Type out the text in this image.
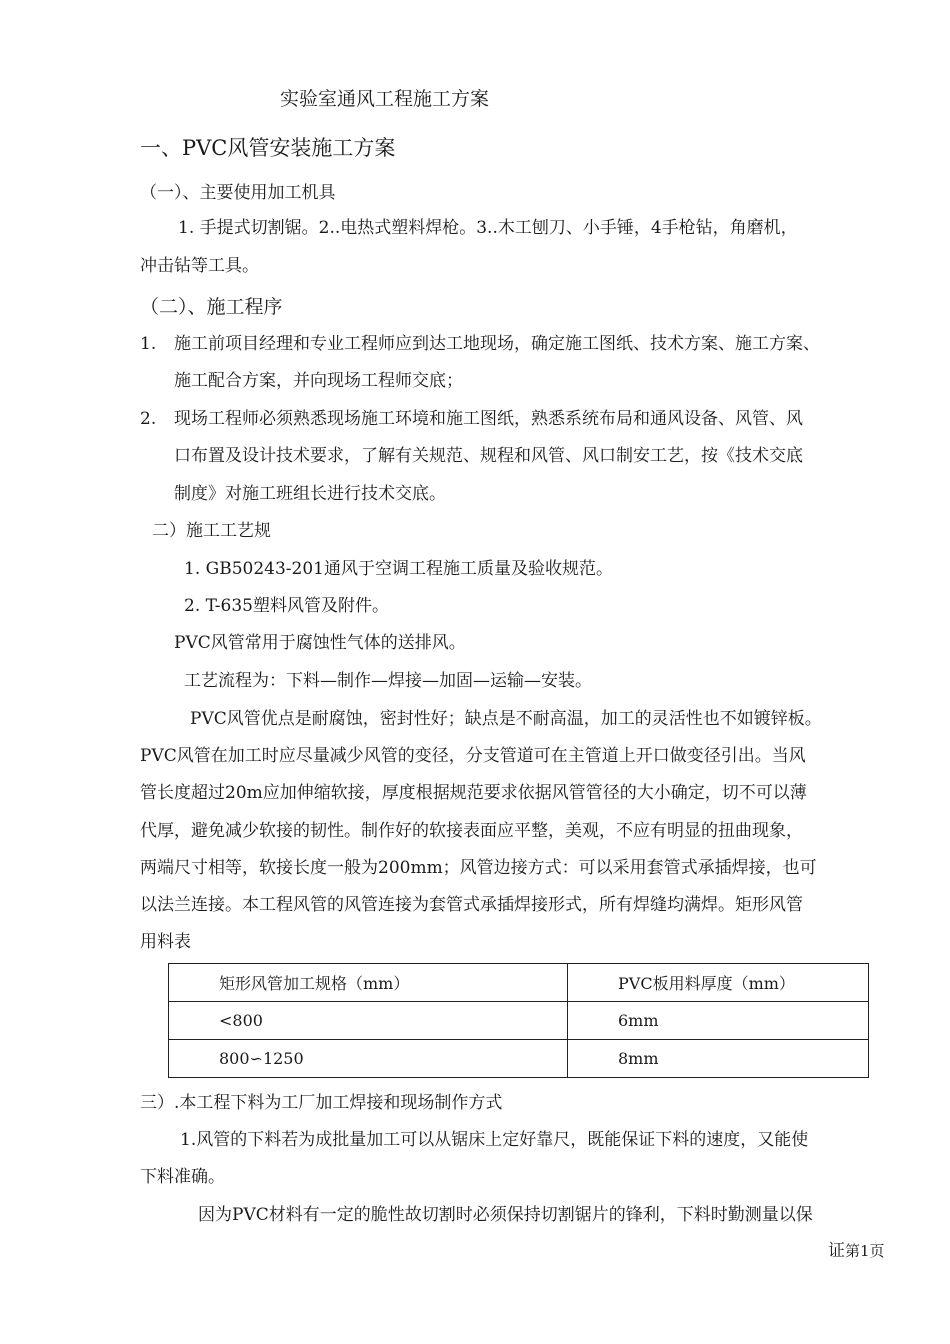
实验室通风工程施工方案
一、PVC风管安装施工方案
（一）、主要使用加工机具
1. 手提式切割锯。2..电热式塑料焊枪。3..木工刨刀、小手锤，4手枪钻，角磨机，
冲击钻等工具。
（二）、施工程序
1. 施工前项目经理和专业工程师应到达工地现场，确定施工图纸、技术方案、施工方案、
施工配合方案，并向现场工程师交底；
2. 现场工程师必须熟悉现场施工环境和施工图纸，熟悉系统布局和通风设备、风管、风
口布置及设计技术要求，了解有关规范、规程和风管、风口制安工艺，按《技术交底
制度》对施工班组长进行技术交底。
二）施工工艺规
1. GB50243-201通风于空调工程施工质量及验收规范。
2. T-635塑料风管及附件。
PVC风管常用于腐蚀性气体的送排风。
工艺流程为：下料—制作—焊接—加固—运输—安装。
PVC风管优点是耐腐蚀，密封性好；缺点是不耐高温，加工的灵活性也不如镀锌板。
PVC风管在加工时应尽量减少风管的变径，分支管道可在主管道上开口做变径引出。当风
管长度超过20m应加伸缩软接，厚度根据规范要求依据风管管径的大小确定，切不可以薄
代厚，避免减少软接的韧性。制作好的软接表面应平整，美观，不应有明显的扭曲现象，
两端尺寸相等，软接长度一般为200mm；风管边接方式：可以采用套管式承插焊接，也可
以法兰连接。本工程风管的风管连接为套管式承插焊接形式，所有焊缝均满焊。矩形风管
用料表
矩形风管加工规格（mm）	PVC板用料厚度（mm）
<800	6mm
800∽1250	8mm
三）.本工程下料为工厂加工焊接和现场制作方式
1.风管的下料若为成批量加工可以从锯床上定好靠尺，既能保证下料的速度，又能使
下料准确。
因为PVC材料有一定的脆性故切割时必须保持切割锯片的锋利，下料时勤测量以保
证第1页
